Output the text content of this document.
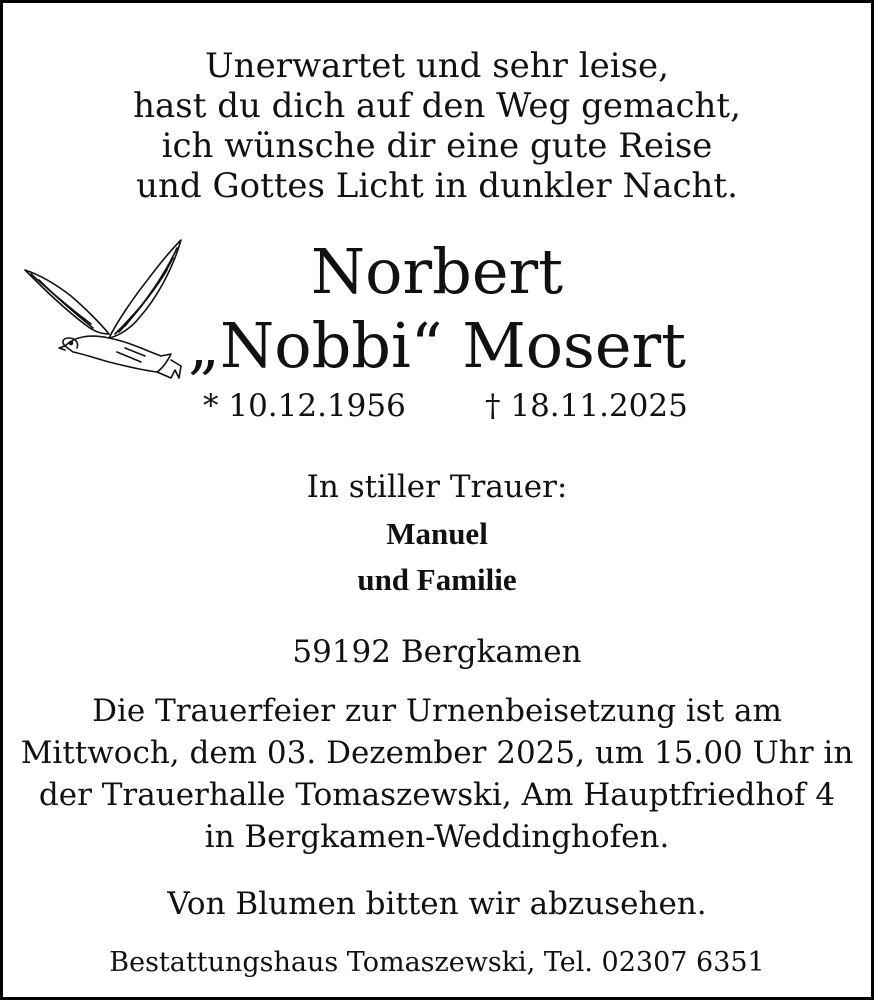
Unerwartet und sehr leise,
hast du dich auf den Weg gemacht,
ich wünsche dir eine gute Reise
und Gottes Licht in dunkler Nacht.
Norbert
„Nobbi“ Mosert
* 10.12.1956	† 18.11.2025
In stiller Trauer:
Manuel
und Familie
59192 Bergkamen
Die Trauerfeier zur Urnenbeisetzung ist am
Mittwoch, dem 03. Dezember 2025, um 15.00 Uhr in
der Trauerhalle Tomaszewski, Am Hauptfriedhof 4
in Bergkamen-Weddinghofen.
Von Blumen bitten wir abzusehen.
Bestattungshaus Tomaszewski, Tel. 02307 6351
